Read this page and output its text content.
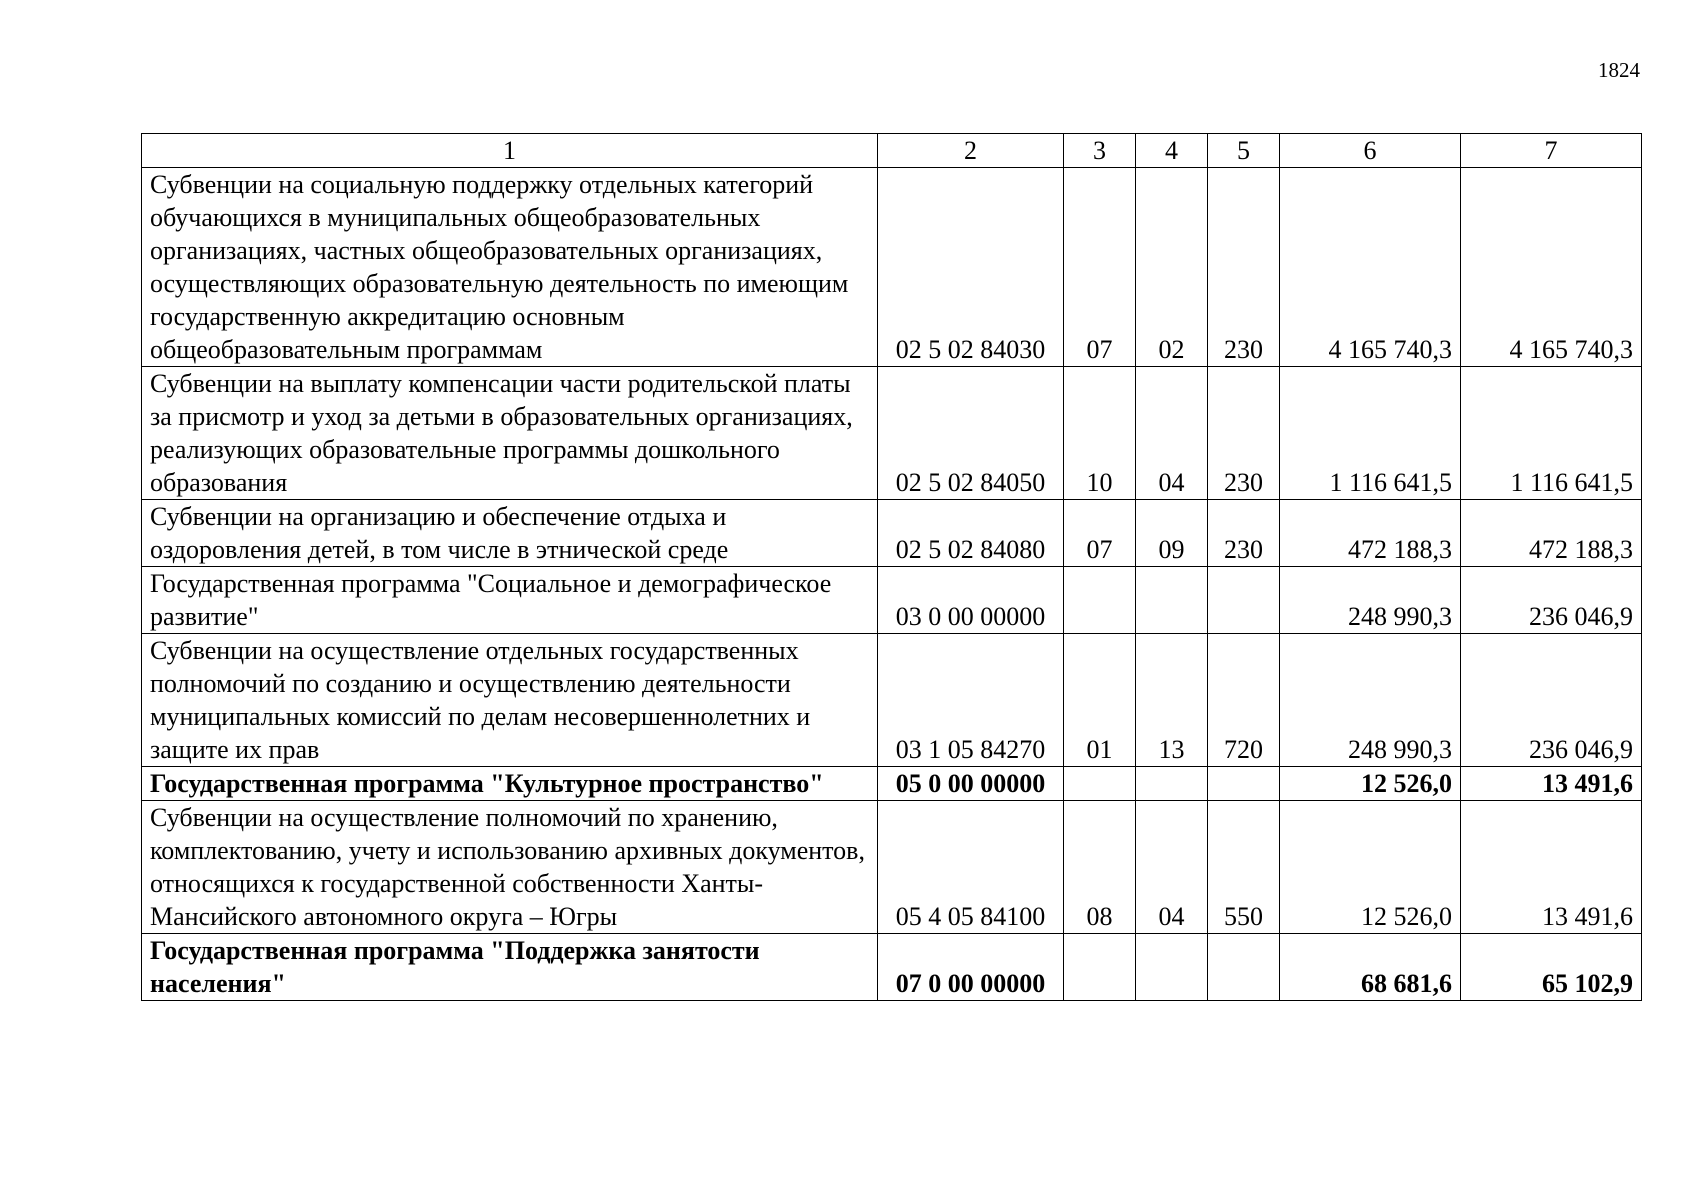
1824
1	2	3	4	5	6	7
Субвенции на социальную поддержку отдельных категорий обучающихся в муниципальных общеобразовательных организациях, частных общеобразовательных организациях, осуществляющих образовательную деятельность по имеющим государственную аккредитацию основным общеобразовательным программам	02 5 02 84030	07	02	230	4 165 740,3	4 165 740,3
Субвенции на выплату компенсации части родительской платы за присмотр и уход за детьми в образовательных организациях, реализующих образовательные программы дошкольного образования	02 5 02 84050	10	04	230	1 116 641,5	1 116 641,5
Субвенции на организацию и обеспечение отдыха и оздоровления детей, в том числе в этнической среде	02 5 02 84080	07	09	230	472 188,3	472 188,3
Государственная программа "Социальное и демографическое развитие"	03 0 00 00000				248 990,3	236 046,9
Субвенции на осуществление отдельных государственных полномочий по созданию и осуществлению деятельности муниципальных комиссий по делам несовершеннолетних и защите их прав	03 1 05 84270	01	13	720	248 990,3	236 046,9
Государственная программа "Культурное пространство"	05 0 00 00000				12 526,0	13 491,6
Субвенции на осуществление полномочий по хранению, комплектованию, учету и использованию архивных документов, относящихся к государственной собственности Ханты-Мансийского автономного округа – Югры	05 4 05 84100	08	04	550	12 526,0	13 491,6
Государственная программа "Поддержка занятости населения"	07 0 00 00000				68 681,6	65 102,9
